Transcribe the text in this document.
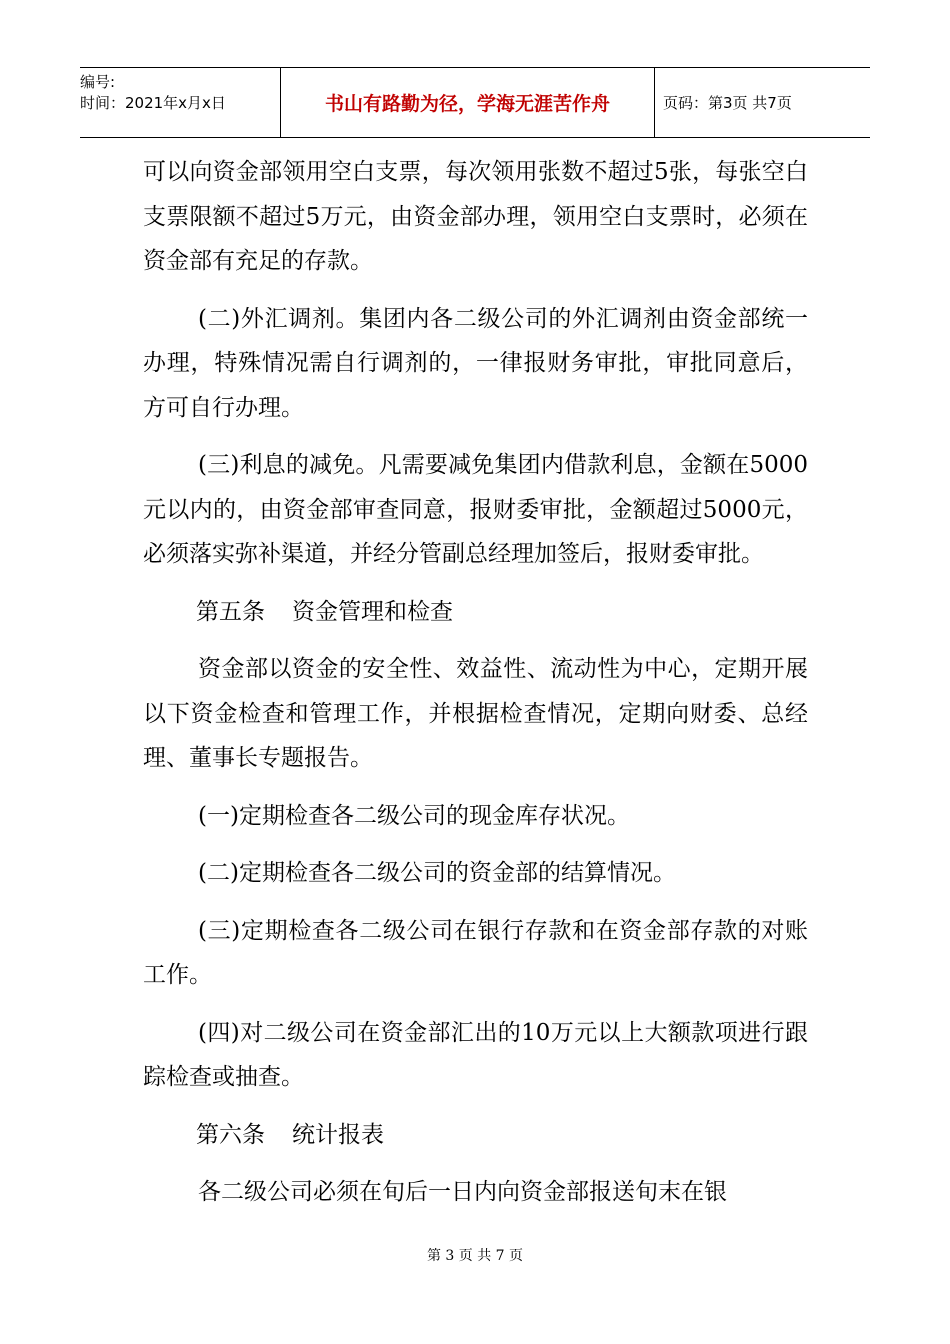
编号:
时间：2021年x月x日	书山有路勤为径，学海无涯苦作舟	页码：第3页 共7页

可以向资金部领用空白支票，每次领用张数不超过5张，每张空白支票限额不超过5万元，由资金部办理，领用空白支票时，必须在资金部有充足的存款。

(二)外汇调剂。集团内各二级公司的外汇调剂由资金部统一办理，特殊情况需自行调剂的，一律报财务审批，审批同意后，方可自行办理。

(三)利息的减免。凡需要减免集团内借款利息，金额在5000元以内的，由资金部审查同意，报财委审批，金额超过5000元，必须落实弥补渠道，并经分管副总经理加签后，报财委审批。

第五条 资金管理和检查

资金部以资金的安全性、效益性、流动性为中心，定期开展以下资金检查和管理工作，并根据检查情况，定期向财委、总经理、董事长专题报告。

(一)定期检查各二级公司的现金库存状况。

(二)定期检查各二级公司的资金部的结算情况。

(三)定期检查各二级公司在银行存款和在资金部存款的对账工作。

(四)对二级公司在资金部汇出的10万元以上大额款项进行跟踪检查或抽查。

第六条 统计报表

各二级公司必须在旬后一日内向资金部报送旬末在银

第 3 页 共 7 页
